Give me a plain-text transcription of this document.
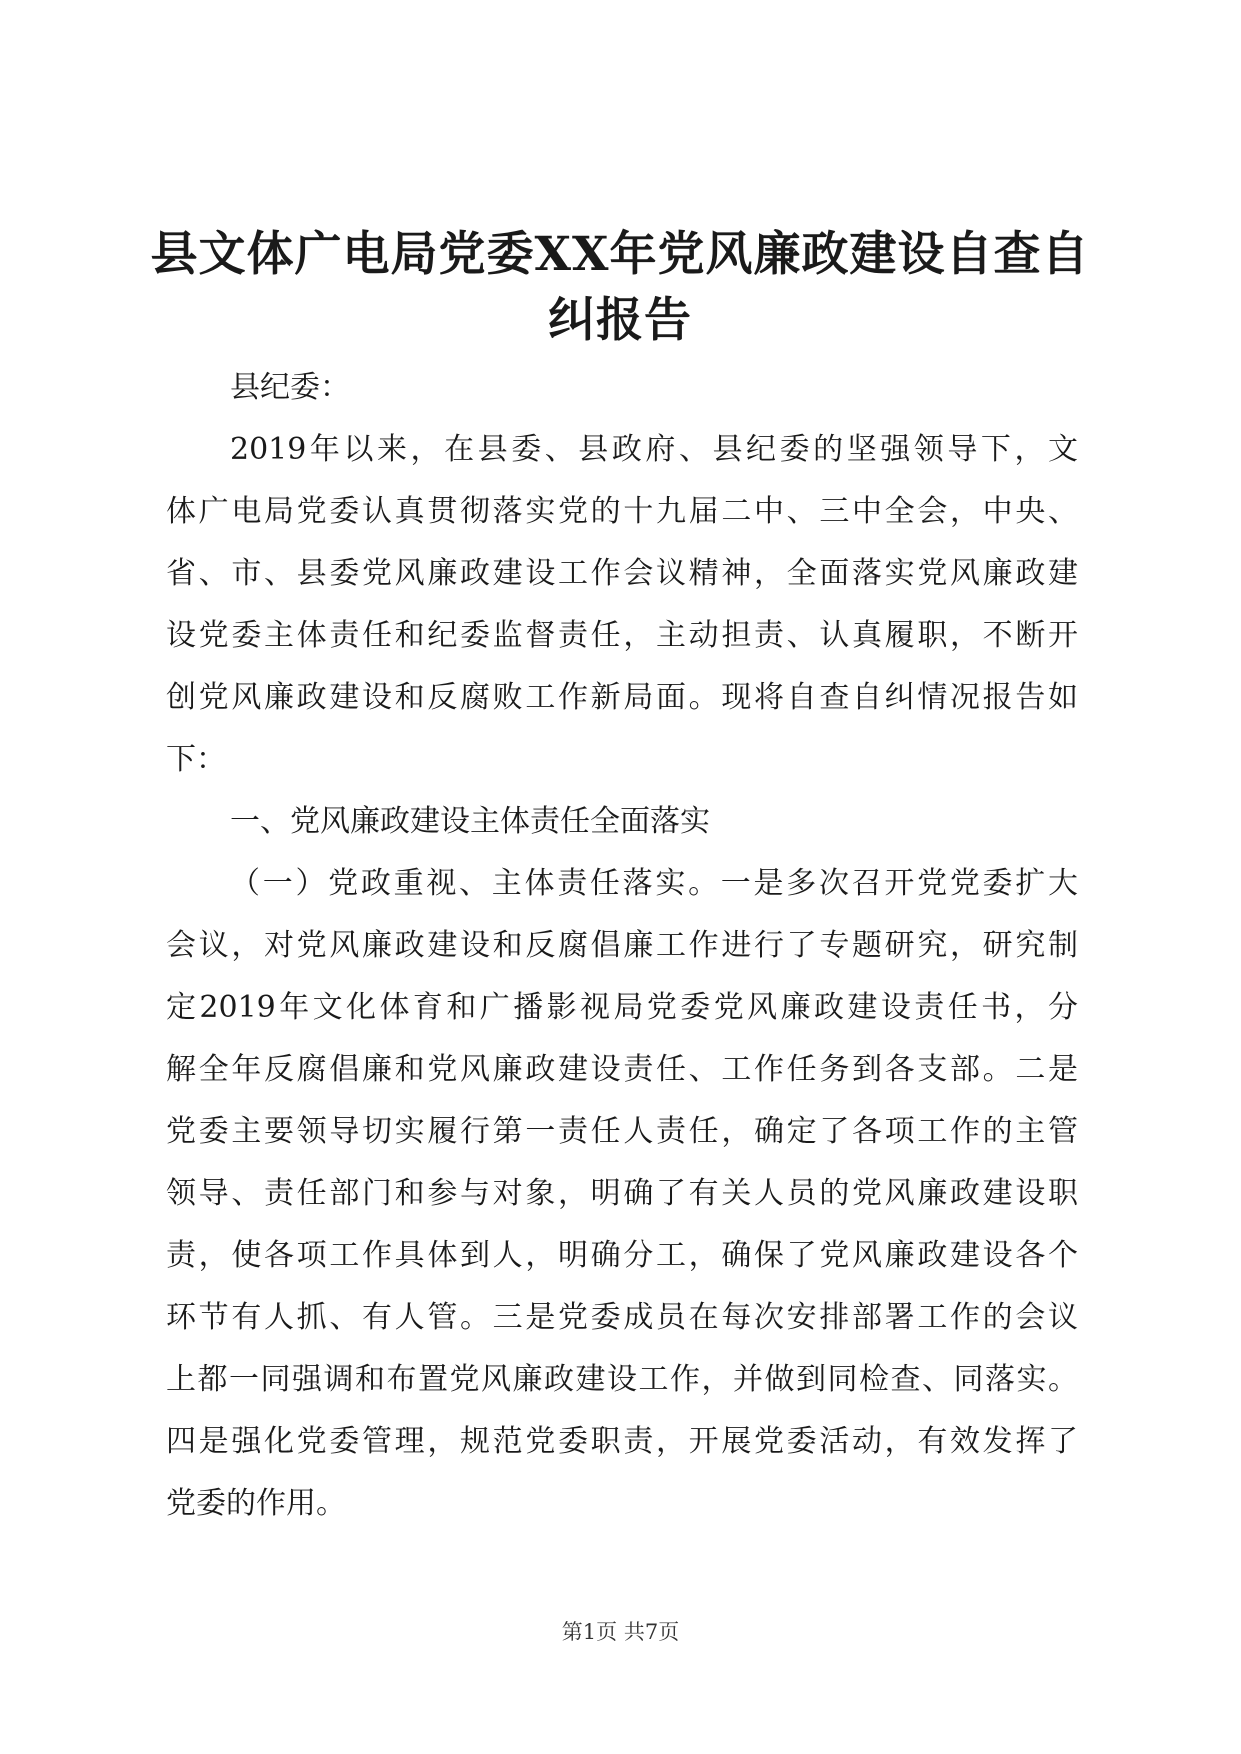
县文体广电局党委XX年党风廉政建设自查自
纠报告
县纪委：
2019年以来，在县委、县政府、县纪委的坚强领导下，文
体广电局党委认真贯彻落实党的十九届二中、三中全会，中央、
省、市、县委党风廉政建设工作会议精神，全面落实党风廉政建
设党委主体责任和纪委监督责任，主动担责、认真履职，不断开
创党风廉政建设和反腐败工作新局面。现将自查自纠情况报告如
下：
一、党风廉政建设主体责任全面落实
（一）党政重视、主体责任落实。一是多次召开党党委扩大
会议，对党风廉政建设和反腐倡廉工作进行了专题研究，研究制
定2019年文化体育和广播影视局党委党风廉政建设责任书，分
解全年反腐倡廉和党风廉政建设责任、工作任务到各支部。二是
党委主要领导切实履行第一责任人责任，确定了各项工作的主管
领导、责任部门和参与对象，明确了有关人员的党风廉政建设职
责，使各项工作具体到人，明确分工，确保了党风廉政建设各个
环节有人抓、有人管。三是党委成员在每次安排部署工作的会议
上都一同强调和布置党风廉政建设工作，并做到同检查、同落实。
四是强化党委管理，规范党委职责，开展党委活动，有效发挥了
党委的作用。
第1页 共7页
